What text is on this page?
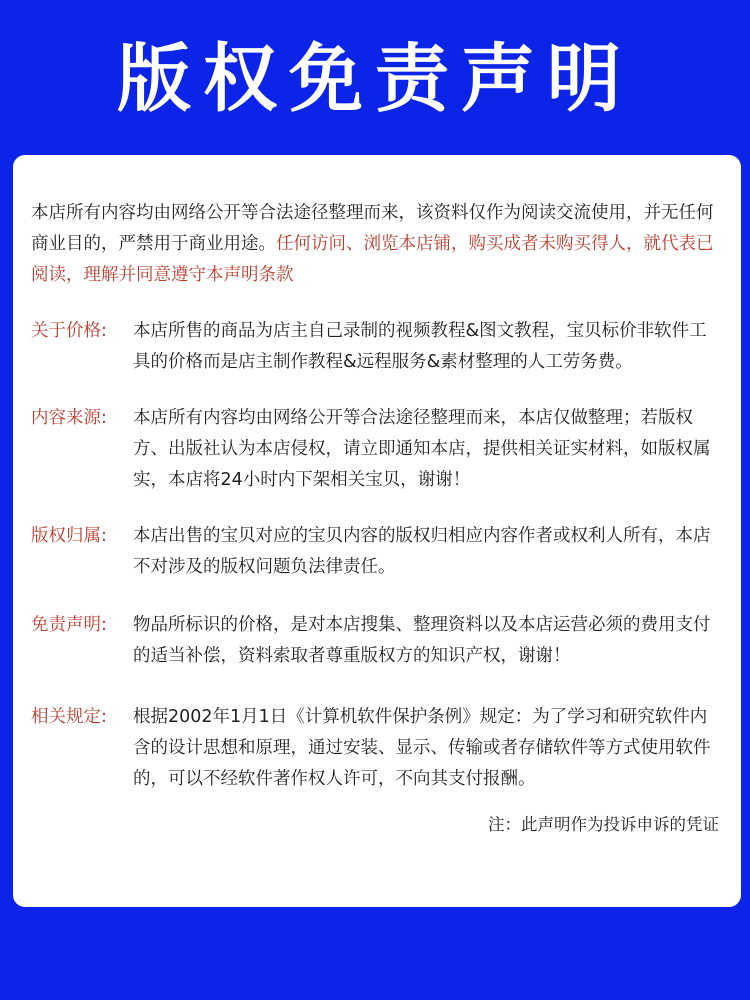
版权免责声明
本店所有内容均由网络公开等合法途径整理而来，该资料仅作为阅读交流使用，并无任何商业目的，严禁用于商业用途。任何访问、浏览本店铺，购买成者未购买得人，就代表已阅读，理解并同意遵守本声明条款
关于价格:	本店所售的商品为店主自己录制的视频教程&图文教程，宝贝标价非软件工具的价格而是店主制作教程&远程服务&素材整理的人工劳务费。
内容来源:	本店所有内容均由网络公开等合法途径整理而来，本店仅做整理；若版权方、出版社认为本店侵权，请立即通知本店，提供相关证实材料，如版权属实，本店将24小时内下架相关宝贝，谢谢！
版权归属:	本店出售的宝贝对应的宝贝内容的版权归相应内容作者或权利人所有，本店不对涉及的版权问题负法律责任。
免责声明:	物品所标识的价格，是对本店搜集、整理资料以及本店运营必须的费用支付的适当补偿，资料索取者尊重版权方的知识产权，谢谢！
相关规定:	根据2002年1月1日《计算机软件保护条例》规定：为了学习和研究软件内含的设计思想和原理，通过安装、显示、传输或者存储软件等方式使用软件的，可以不经软件著作权人许可，不向其支付报酬。
注：此声明作为投诉申诉的凭证
